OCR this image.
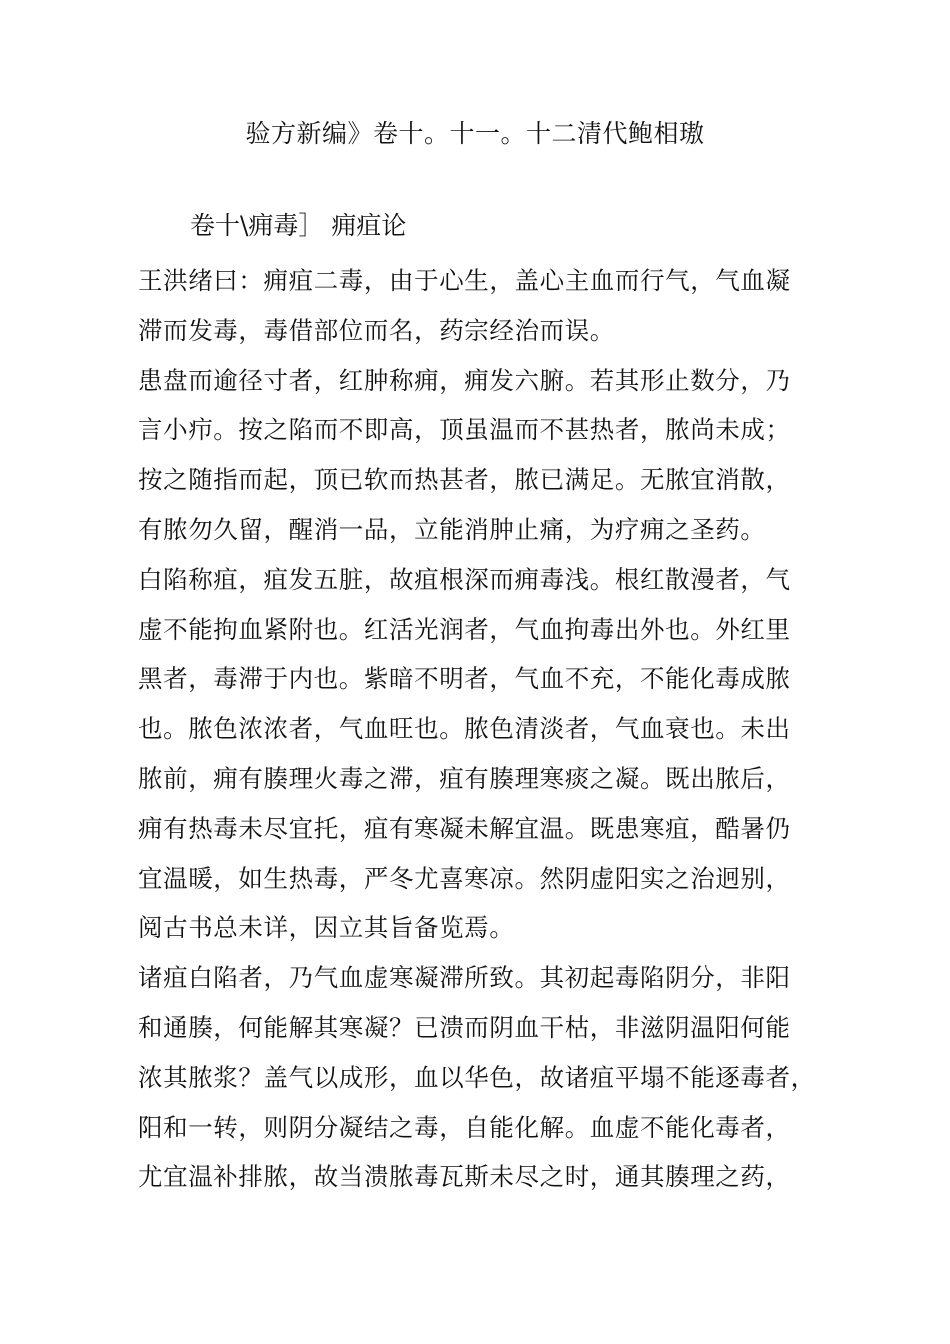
验方新编》卷十。十一。十二清代鲍相璈
卷十\痈毒］ 痈疽论
王洪绪曰：痈疽二毒，由于心生，盖心主血而行气，气血凝
滞而发毒，毒借部位而名，药宗经治而误。
患盘而逾径寸者，红肿称痈，痈发六腑。若其形止数分，乃
言小疖。按之陷而不即高，顶虽温而不甚热者，脓尚未成；
按之随指而起，顶已软而热甚者，脓已满足。无脓宜消散，
有脓勿久留，醒消一品，立能消肿止痛，为疗痈之圣药。
白陷称疽，疽发五脏，故疽根深而痈毒浅。根红散漫者，气
虚不能拘血紧附也。红活光润者，气血拘毒出外也。外红里
黑者，毒滞于内也。紫暗不明者，气血不充，不能化毒成脓
也。脓色浓浓者，气血旺也。脓色清淡者，气血衰也。未出
脓前，痈有腠理火毒之滞，疽有腠理寒痰之凝。既出脓后，
痈有热毒未尽宜托，疽有寒凝未解宜温。既患寒疽，酷暑仍
宜温暖，如生热毒，严冬尤喜寒凉。然阴虚阳实之治迥别，
阅古书总未详，因立其旨备览焉。
诸疽白陷者，乃气血虚寒凝滞所致。其初起毒陷阴分，非阳
和通腠，何能解其寒凝？已溃而阴血干枯，非滋阴温阳何能
浓其脓浆？盖气以成形，血以华色，故诸疽平塌不能逐毒者，
阳和一转，则阴分凝结之毒，自能化解。血虚不能化毒者，
尤宜温补排脓，故当溃脓毒瓦斯未尽之时，通其腠理之药，
